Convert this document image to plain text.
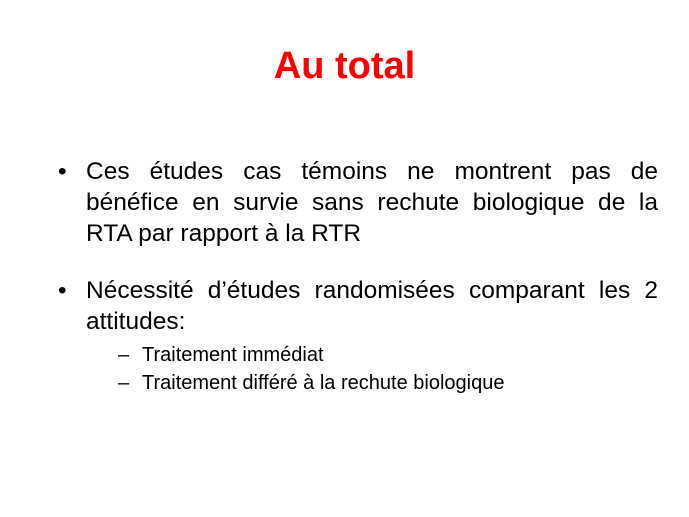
Au total
• Ces études cas témoins ne montrent pas de bénéfice en survie sans rechute biologique de la RTA par rapport à la RTR
• Nécessité d’études randomisées comparant les 2 attitudes:
– Traitement immédiat
– Traitement différé à la rechute biologique
